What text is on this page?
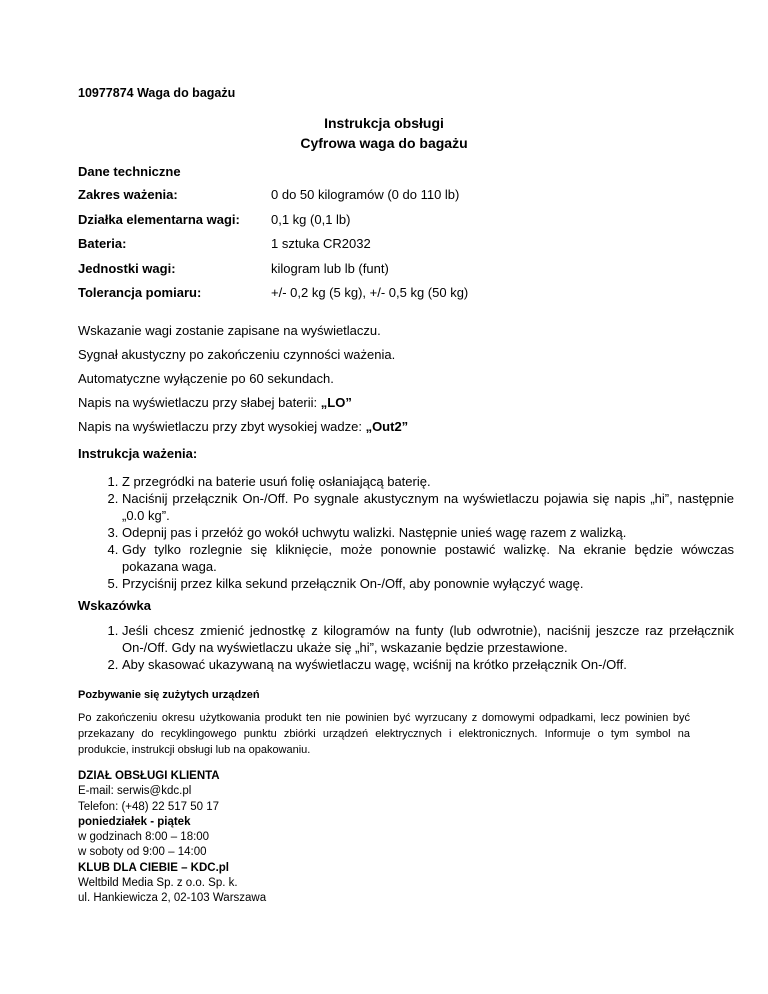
10977874 Waga do bagażu
Instrukcja obsługi
Cyfrowa waga do bagażu
Dane techniczne
Zakres ważenia:	0 do 50 kilogramów (0 do 110 lb)
Działka elementarna wagi: 0,1 kg (0,1 lb)
Bateria:	1 sztuka CR2032
Jednostki wagi:	kilogram lub lb (funt)
Tolerancja pomiaru:	+/- 0,2 kg (5 kg), +/- 0,5 kg (50 kg)
Wskazanie wagi zostanie zapisane na wyświetlaczu.
Sygnał akustyczny po zakończeniu czynności ważenia.
Automatyczne wyłączenie po 60 sekundach.
Napis na wyświetlaczu przy słabej baterii: „LO”
Napis na wyświetlaczu przy zbyt wysokiej wadze: „Out2”
Instrukcja ważenia:
1. Z przegródki na baterie usuń folię osłaniającą baterię.
2. Naciśnij przełącznik On-/Off. Po sygnale akustycznym na wyświetlaczu pojawia się napis „hi”, następnie „0.0 kg”.
3. Odepnij pas i przełóż go wokół uchwytu walizki. Następnie unieś wagę razem z walizką.
4. Gdy tylko rozlegnie się kliknięcie, może ponownie postawić walizkę. Na ekranie będzie wówczas pokazana waga.
5. Przyciśnij przez kilka sekund przełącznik On-/Off, aby ponownie wyłączyć wagę.
Wskazówka
1. Jeśli chcesz zmienić jednostkę z kilogramów na funty (lub odwrotnie), naciśnij jeszcze raz przełącznik On-/Off. Gdy na wyświetlaczu ukaże się „hi”, wskazanie będzie przestawione.
2. Aby skasować ukazywaną na wyświetlaczu wagę, wciśnij na krótko przełącznik On-/Off.
Pozbywanie się zużytych urządzeń
Po zakończeniu okresu użytkowania produkt ten nie powinien być wyrzucany z domowymi odpadkami, lecz powinien być przekazany do recyklingowego punktu zbiórki urządzeń elektrycznych i elektronicznych. Informuje o tym symbol na produkcie, instrukcji obsługi lub na opakowaniu.
DZIAŁ OBSŁUGI KLIENTA
E-mail: serwis@kdc.pl
Telefon: (+48) 22 517 50 17
poniedziałek - piątek
w godzinach 8:00 – 18:00
w soboty od 9:00 – 14:00
KLUB DLA CIEBIE – KDC.pl
Weltbild Media Sp. z o.o. Sp. k.
ul. Hankiewicza 2, 02-103 Warszawa
